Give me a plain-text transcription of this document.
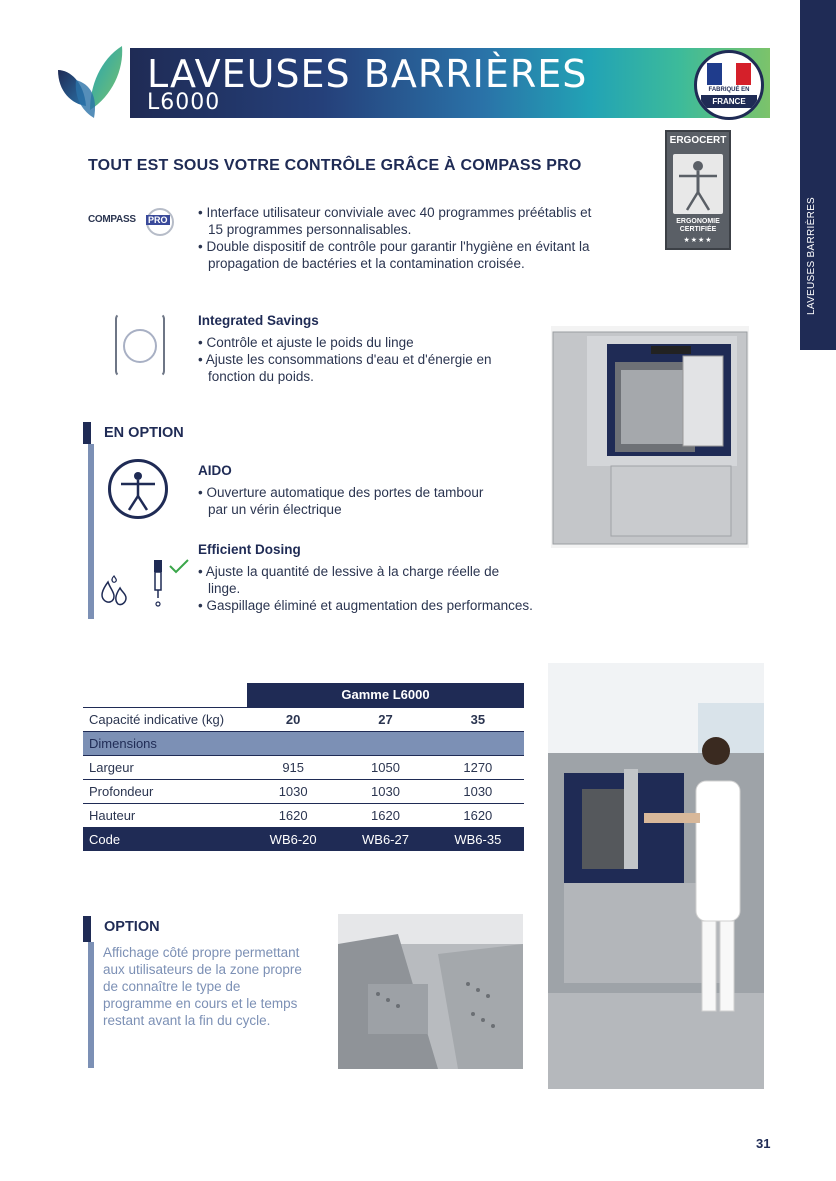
LAVEUSES BARRIÈRES
L6000	FABRIQUÉ EN
FRANCE
LAVEUSES BARRIÈRES
ERGOCERT
ERGONOMIE CERTIFIÉE
★★★★
TOUT EST SOUS VOTRE CONTRÔLE GRÂCE À COMPASS PRO
COMPASS PRO	• Interface utilisateur conviviale avec 40 programmes préétablis et 15 programmes personnalisables.
• Double dispositif de contrôle pour garantir l'hygiène en évitant la propagation de bactéries et la contamination croisée.
Integrated Savings
• Contrôle et ajuste le poids du linge
• Ajuste les consommations d'eau et d'énergie en fonction du poids.
EN OPTION
AIDO
• Ouverture automatique des portes de tambour par un vérin électrique
Efficient Dosing
• Ajuste la quantité de lessive à la charge réelle de linge.
• Gaspillage éliminé et augmentation des performances.
	Gamme L6000		
Capacité indicative (kg)	20	27	35
Dimensions			
Largeur	915	1050	1270
Profondeur	1030	1030	1030
Hauteur	1620	1620	1620
Code	WB6-20	WB6-27	WB6-35
OPTION

Affichage côté propre permettant aux utilisateurs de la zone propre de connaître le type de programme en cours et le temps restant avant la fin du cycle.

31
